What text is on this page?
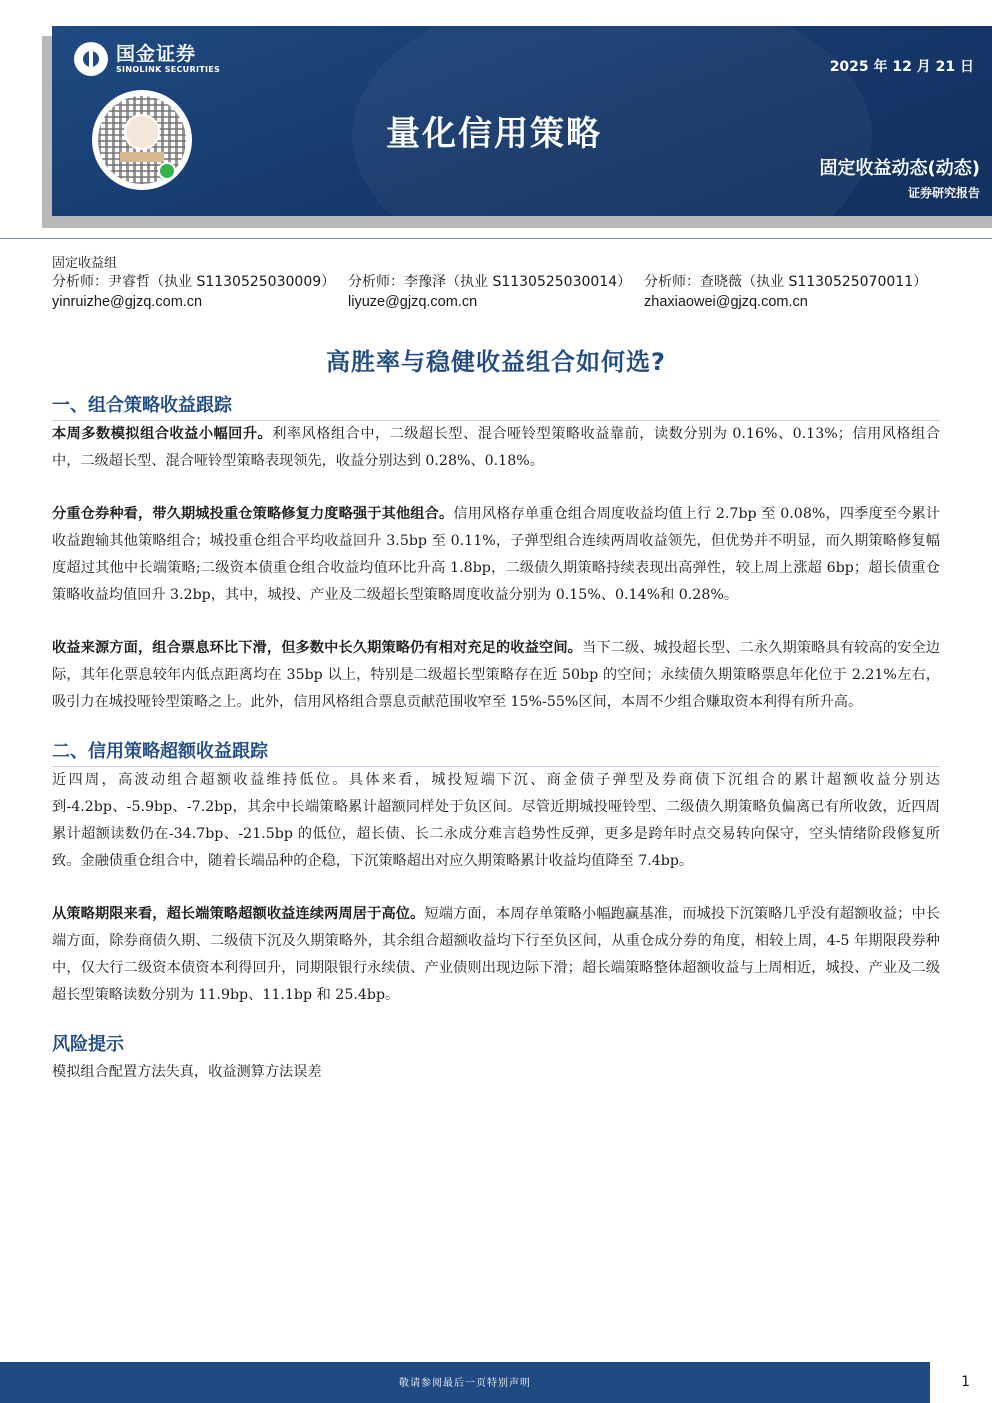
国金证券
SINOLINK SECURITIES	2025 年 12 月 21 日
量化信用策略
固定收益动态(动态)
证券研究报告
固定收益组
分析师：尹睿哲（执业 S1130525030009）
yinruizhe@gjzq.com.cn
分析师：李豫泽（执业 S1130525030014）
liyuze@gjzq.com.cn
分析师：查晓薇（执业 S1130525070011）
zhaxiaowei@gjzq.com.cn
高胜率与稳健收益组合如何选?
一、组合策略收益跟踪

本周多数模拟组合收益小幅回升。利率风格组合中，二级超长型、混合哑铃型策略收益靠前，读数分别为 0.16%、0.13%；信用风格组合中，二级超长型、混合哑铃型策略表现领先，收益分别达到 0.28%、0.18%。

分重仓券种看，带久期城投重仓策略修复力度略强于其他组合。信用风格存单重仓组合周度收益均值上行 2.7bp 至 0.08%，四季度至今累计收益跑输其他策略组合；城投重仓组合平均收益回升 3.5bp 至 0.11%，子弹型组合连续两周收益领先，但优势并不明显，而久期策略修复幅度超过其他中长端策略;二级资本债重仓组合收益均值环比升高 1.8bp，二级债久期策略持续表现出高弹性，较上周上涨超 6bp；超长债重仓策略收益均值回升 3.2bp，其中，城投、产业及二级超长型策略周度收益分别为 0.15%、0.14%和 0.28%。

收益来源方面，组合票息环比下滑，但多数中长久期策略仍有相对充足的收益空间。当下二级、城投超长型、二永久期策略具有较高的安全边际，其年化票息较年内低点距离均在 35bp 以上，特别是二级超长型策略存在近 50bp 的空间；永续债久期策略票息年化位于 2.21%左右，吸引力在城投哑铃型策略之上。此外，信用风格组合票息贡献范围收窄至 15%-55%区间，本周不少组合赚取资本利得有所升高。

二、信用策略超额收益跟踪

近四周，高波动组合超额收益维持低位。具体来看，城投短端下沉、商金债子弹型及券商债下沉组合的累计超额收益分别达到-4.2bp、-5.9bp、-7.2bp，其余中长端策略累计超额同样处于负区间。尽管近期城投哑铃型、二级债久期策略负偏离已有所收敛，近四周累计超额读数仍在-34.7bp、-21.5bp 的低位，超长债、长二永成分难言趋势性反弹，更多是跨年时点交易转向保守，空头情绪阶段修复所致。金融债重仓组合中，随着长端品种的企稳，下沉策略超出对应久期策略累计收益均值降至 7.4bp。

从策略期限来看，超长端策略超额收益连续两周居于高位。短端方面，本周存单策略小幅跑赢基准，而城投下沉策略几乎没有超额收益；中长端方面，除券商债久期、二级债下沉及久期策略外，其余组合超额收益均下行至负区间，从重仓成分券的角度，相较上周，4-5 年期限段券种中，仅大行二级资本债资本利得回升，同期限银行永续债、产业债则出现边际下滑；超长端策略整体超额收益与上周相近，城投、产业及二级超长型策略读数分别为 11.9bp、11.1bp 和 25.4bp。

风险提示

模拟组合配置方法失真，收益测算方法误差

敬请参阅最后一页特别声明	1
